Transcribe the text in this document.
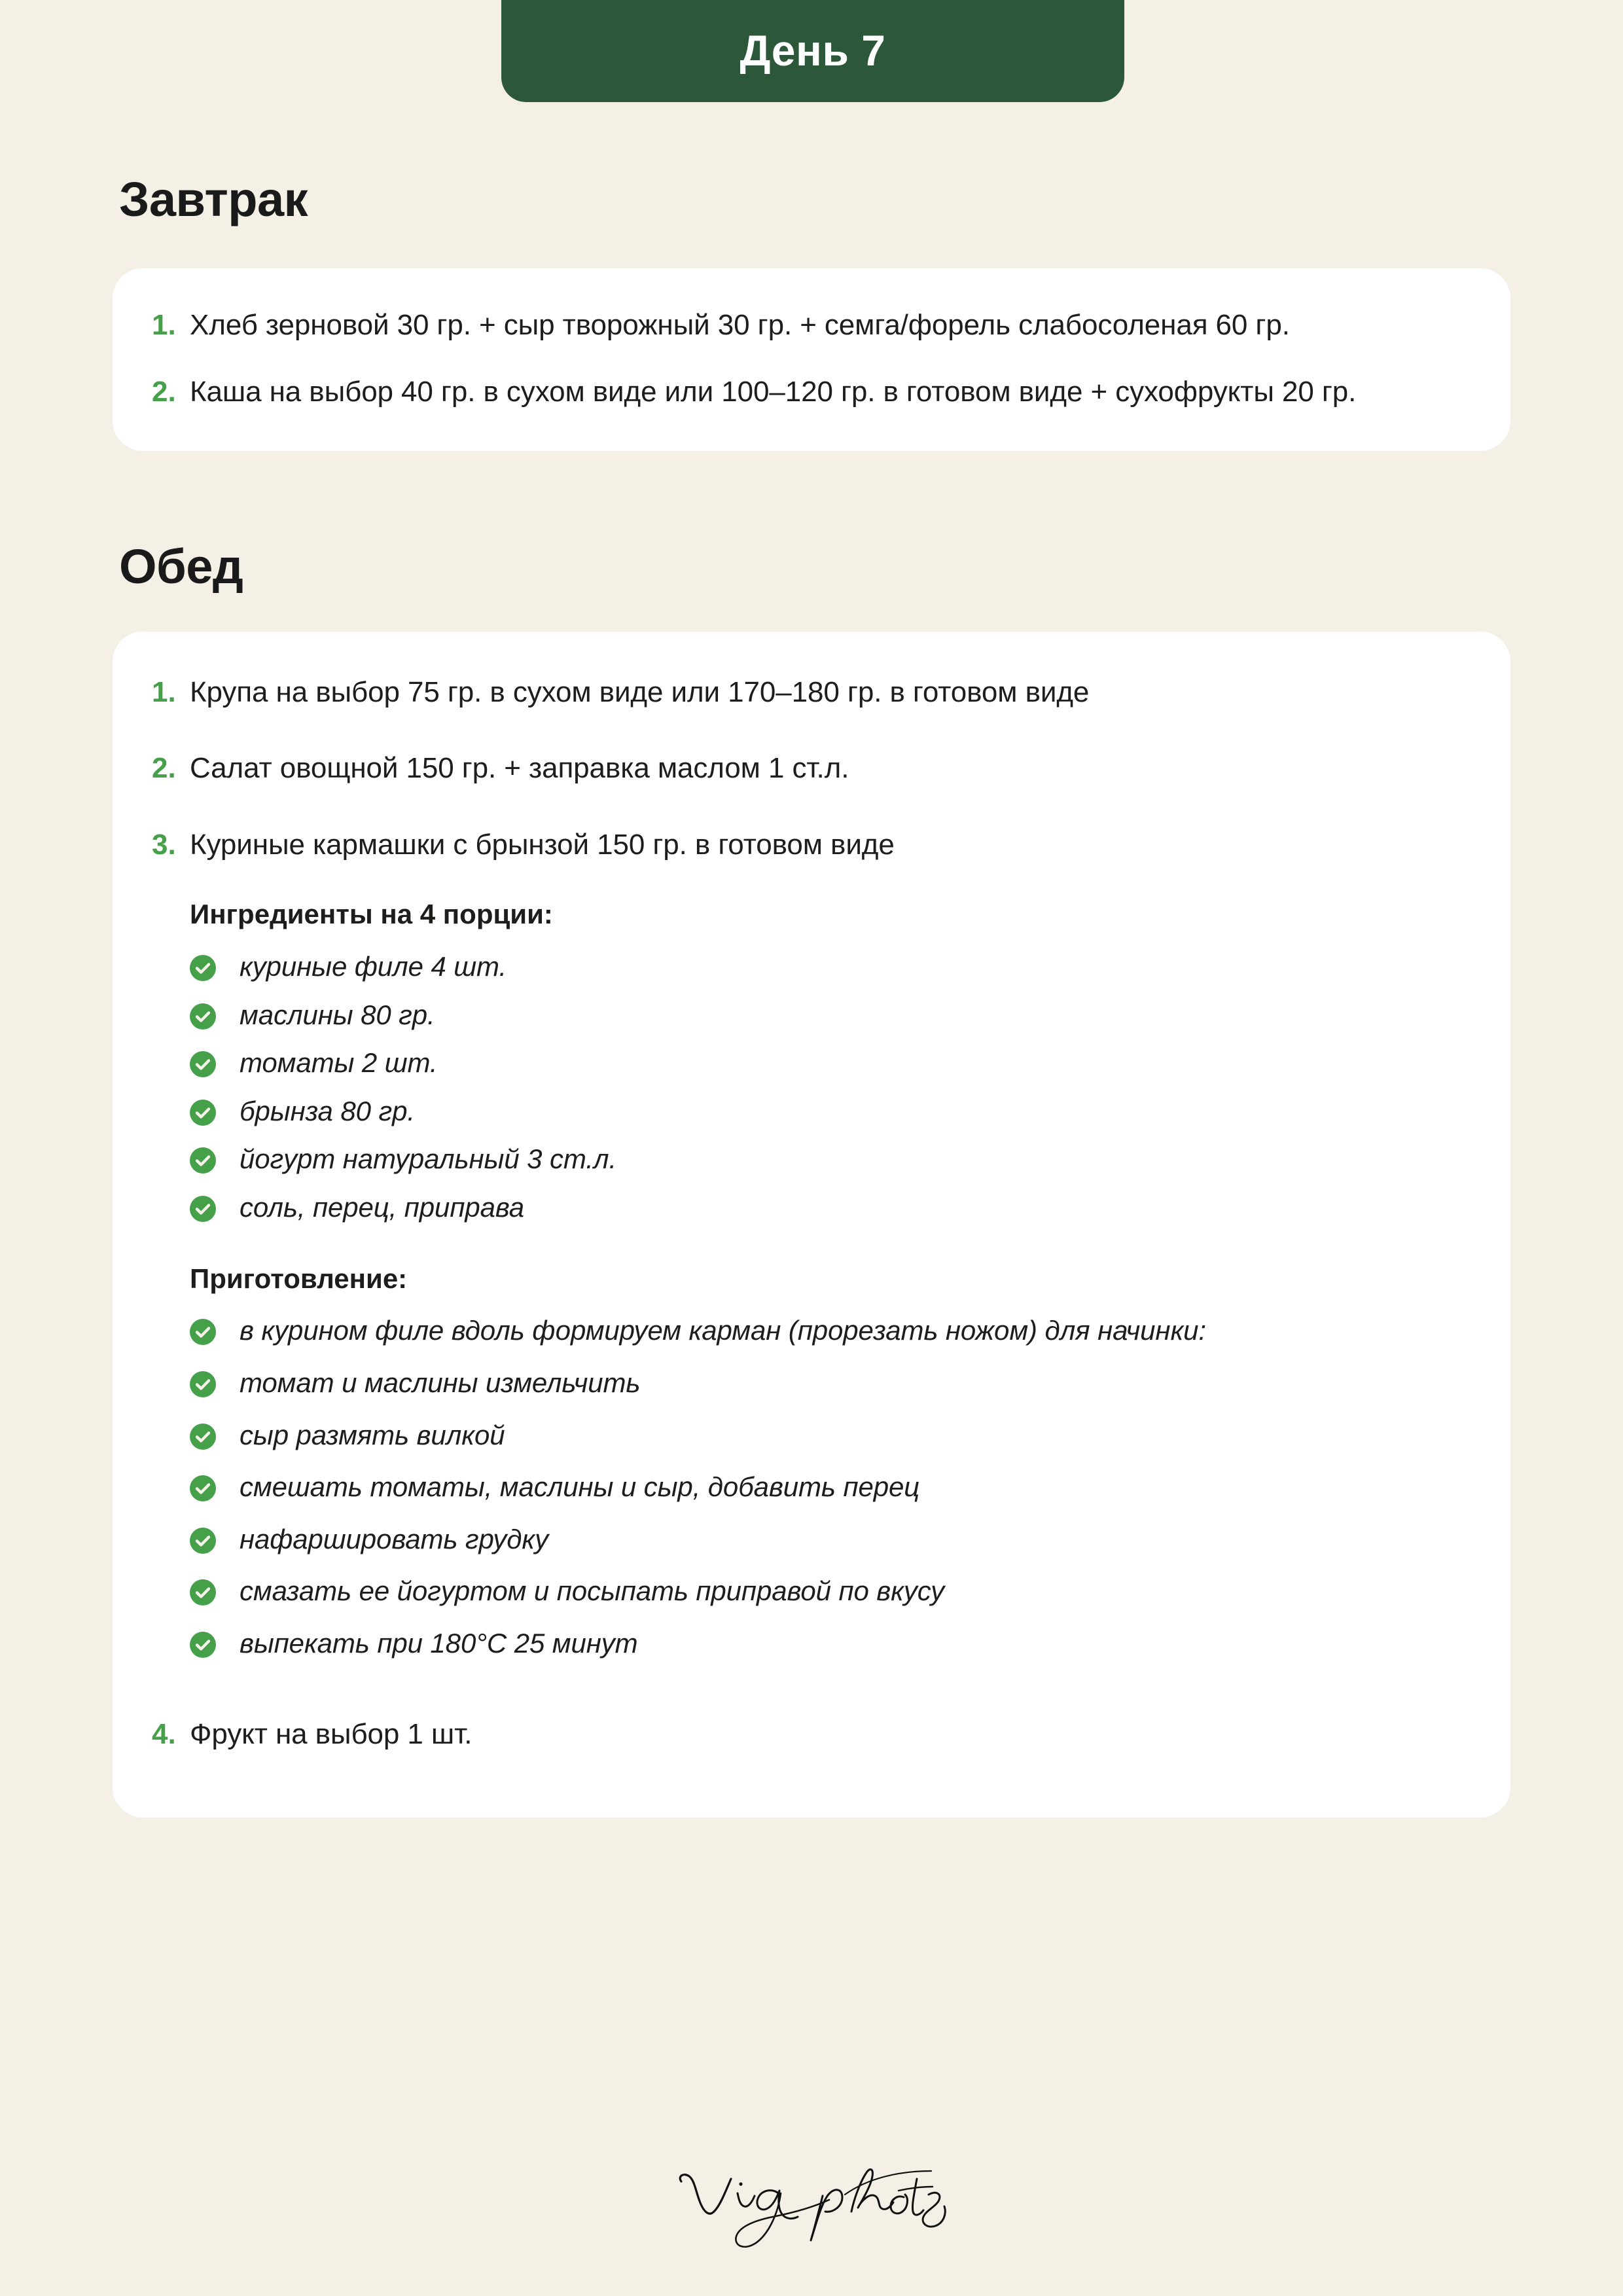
День 7
Завтрак
1. Хлеб зерновой 30 гр. + сыр творожный 30 гр. + семга/форель слабосоленая 60 гр.
2. Каша на выбор 40 гр. в сухом виде или 100–120 гр. в готовом виде + сухофрукты 20 гр.
Обед
1. Крупа на выбор 75 гр. в сухом виде или 170–180 гр. в готовом виде
2. Салат овощной 150 гр. + заправка маслом 1 ст.л.
3. Куриные кармашки с брынзой 150 гр. в готовом виде
Ингредиенты на 4 порции:
куриные филе 4 шт.
маслины 80 гр.
томаты 2 шт.
брынза 80 гр.
йогурт натуральный 3 ст.л.
соль, перец, приправа
Приготовление:
в курином филе вдоль формируем карман (прорезать ножом) для начинки:
томат и маслины измельчить
сыр размять вилкой
смешать томаты, маслины и сыр, добавить перец
нафаршировать грудку
смазать ее йогуртом и посыпать приправой по вкусу
выпекать при 180°С 25 минут
4. Фрукт на выбор 1 шт.
